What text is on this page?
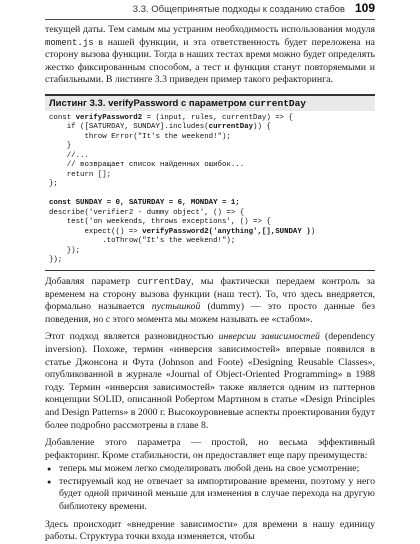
3.3. Общепринятые подходы к созданию стабов 109

текущей даты. Тем самым мы устраним необходимость использования модуля moment.js в нашей функции, и эта ответственность будет переложена на сторону вызова функции. Тогда в наших тестах время можно будет определять жестко фиксированным способом, а тест и функция станут повторяемыми и стабильными. В листинге 3.3 приведен пример такого рефакторинга.

Листинг 3.3. verifyPassword с параметром currentDay
const verifyPassword2 = (input, rules, currentDay) => {
if ([SATURDAY, SUNDAY].includes(currentDay)) {
throw Error("It's the weekend!");
}
//...
// возвращает список найденных ошибок...
return [];
};

const SUNDAY = 0, SATURDAY = 6, MONDAY = 1;
describe('verifier2 - dummy object', () => {
test('on weekends, throws exceptions', () => {
expect(() => verifyPassword2('anything',[],SUNDAY ))
.toThrow("It's the weekend!");
});
});

Добавляя параметр currentDay, мы фактически передаем контроль за временем на сторону вызова функции (наш тест). То, что здесь внедряется, формально называется пустышкой (dummy) — это просто данные без поведения, но с этого момента мы можем называть ее «стабом».

Этот подход является разновидностью инверсии зависимостей (dependency inversion). Похоже, термин «инверсия зависимостей» впервые появился в статье Джонсона и Фута (Johnson and Foote) «Designing Reusable Classes», опубликованной в журнале «Journal of Object-Oriented Programming» в 1988 году. Термин «инверсия зависимостей» также является одним из паттернов концепции SOLID, описанной Робертом Мартином в статье «Design Principles and Design Patterns» в 2000 г. Высокоуровневые аспекты проектирования будут более подробно рассмотрены в главе 8.

Добавление этого параметра — простой, но весьма эффективный рефакторинг. Кроме стабильности, он предоставляет еще пару преимуществ:

● теперь мы можем легко смоделировать любой день на свое усмотрение;
● тестируемый код не отвечает за импортирование времени, поэтому у него будет одной причиной меньше для изменения в случае перехода на другую библиотеку времени.

Здесь происходит «внедрение зависимости» для времени в нашу единицу работы. Структура точки входа изменяется, чтобы
